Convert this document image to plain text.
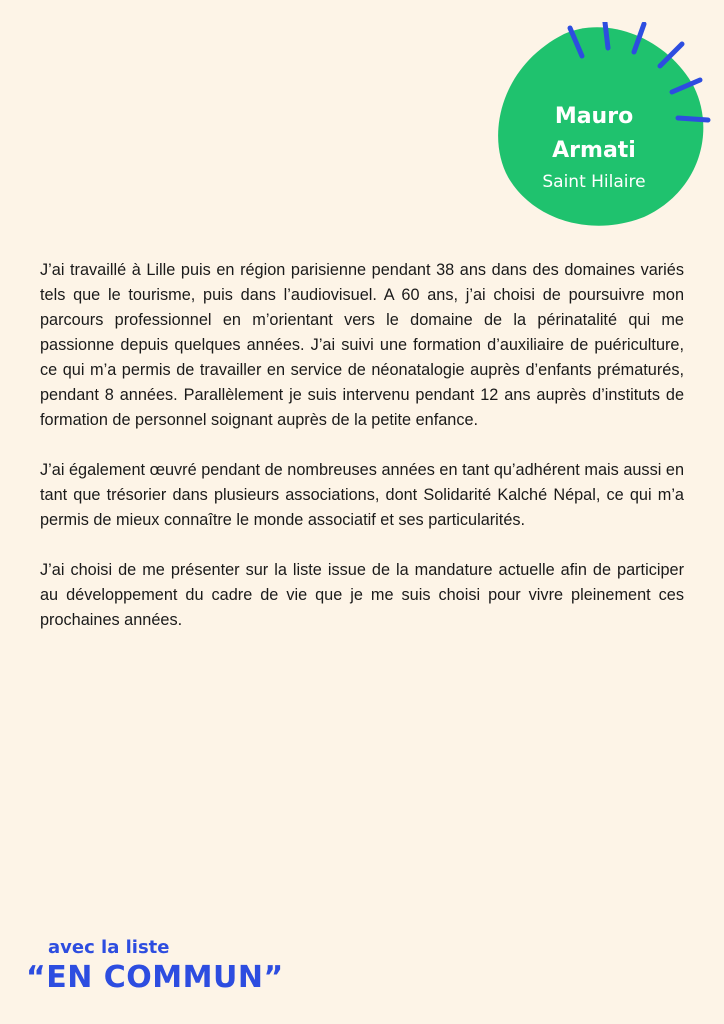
Mauro
Armati
Saint Hilaire

J’ai travaillé à Lille puis en région parisienne pendant 38 ans dans des domaines variés tels que le tourisme, puis dans l’audiovisuel. A 60 ans, j’ai choisi de poursuivre mon parcours professionnel en m’orientant vers le domaine de la périnatalité qui me passionne depuis quelques années. J’ai suivi une formation d’auxiliaire de puériculture, ce qui m’a permis de travailler en service de néonatalogie auprès d’enfants prématurés, pendant 8 années. Parallèlement je suis intervenu pendant 12 ans auprès d’instituts de formation de personnel soignant auprès de la petite enfance.

J’ai également œuvré pendant de nombreuses années en tant qu’adhérent mais aussi en tant que trésorier dans plusieurs associations, dont Solidarité Kalché Népal, ce qui m’a permis de mieux connaître le monde associatif et ses particularités.

J’ai choisi de me présenter sur la liste issue de la mandature actuelle afin de participer au développement du cadre de vie que je me suis choisi pour vivre pleinement ces prochaines années.

avec la liste
“EN COMMUN”
